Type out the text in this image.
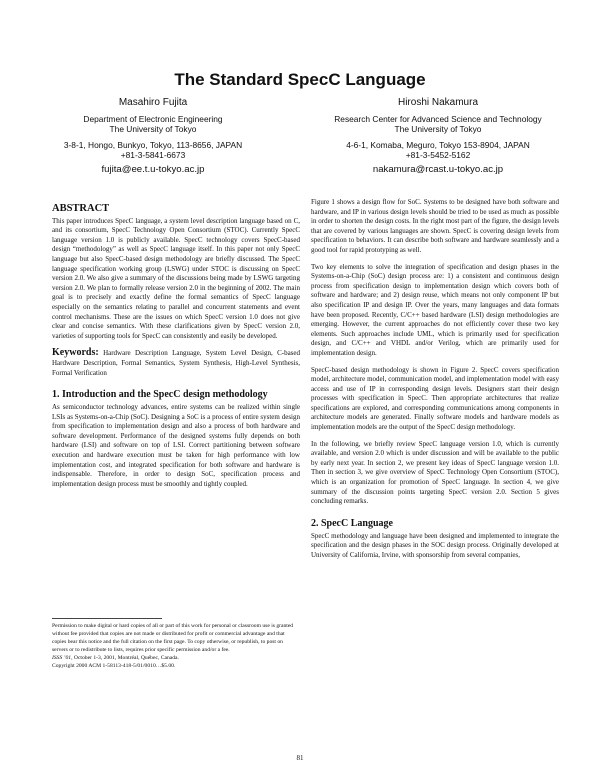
The Standard SpecC Language
Masahiro Fujita
Department of Electronic Engineering
The University of Tokyo
3-8-1, Hongo, Bunkyo, Tokyo, 113-8656, JAPAN
+81-3-5841-6673
fujita@ee.t.u-tokyo.ac.jp
Hiroshi Nakamura
Research Center for Advanced Science and Technology
The University of Tokyo
4-6-1, Komaba, Meguro, Tokyo 153-8904, JAPAN
+81-3-5452-5162
nakamura@rcast.u-tokyo.ac.jp
ABSTRACT

This paper introduces SpecC language, a system level description language based on C, and its consortium, SpecC Technology Open Consortium (STOC). Currently SpecC language version 1.0 is publicly available. SpecC technology covers SpecC-based design “methodology” as well as SpecC language itself. In this paper not only SpecC language but also SpecC-based design methodology are briefly discussed. The SpecC language specification working group (LSWG) under STOC is discussing on SpecC version 2.0. We also give a summary of the discussions being made by LSWG targeting version 2.0. We plan to formally release version 2.0 in the beginning of 2002. The main goal is to precisely and exactly define the formal semantics of SpecC language especially on the semantics relating to parallel and concurrent statements and event control mechanisms. These are the issues on which SpecC version 1.0 does not give clear and concise semantics. With these clarifications given by SpecC version 2.0, varieties of supporting tools for SpecC can consistently and easily be developed.

Keywords: Hardware Description Language, System Level Design, C-based Hardware Description, Formal Semantics, System Synthesis, High-Level Synthesis, Formal Verification

1. Introduction and the SpecC design methodology

As semiconductor technology advances, entire systems can be realized within single LSIs as Systems-on-a-Chip (SoC). Designing a SoC is a process of entire system design from specification to implementation design and also a process of both hardware and software development. Performance of the designed systems fully depends on both hardware (LSI) and software on top of LSI. Correct partitioning between software execution and hardware execution must be taken for high performance with low implementation cost, and integrated specification for both software and hardware is indispensable. Therefore, in order to design SoC, specification process and implementation design process must be smoothly and tightly coupled.

Permission to make digital or hard copies of all or part of this work for personal or classroom use is granted without fee provided that copies are not made or distributed for profit or commercial advantage and that copies bear this notice and the full citation on the first page. To copy otherwise, or republish, to post on servers or to redistribute to lists, requires prior specific permission and/or a fee.

ISSS ’01, October 1-3, 2001, Montréal, Québec, Canada.

Copyright 2000 ACM 1-58113-418-5/01/0010…$5.00.

Figure 1 shows a design flow for SoC. Systems to be designed have both software and hardware, and IP in various design levels should be tried to be used as much as possible in order to shorten the design costs. In the right most part of the figure, the design levels that are covered by various languages are shown. SpecC is covering design levels from specification to behaviors. It can describe both software and hardware seamlessly and a good tool for rapid prototyping as well.

Two key elements to solve the integration of specification and design phases in the Systems-on-a-Chip (SoC) design process are: 1) a consistent and continuous design process from specification design to implementation design which covers both of software and hardware; and 2) design reuse, which means not only component IP but also specification IP and design IP. Over the years, many languages and data formats have been proposed. Recently, C/C++ based hardware (LSI) design methodologies are emerging. However, the current approaches do not efficiently cover these two key elements. Such approaches include UML, which is primarily used for specification design, and C/C++ and VHDL and/or Verilog, which are primarily used for implementation design.

SpecC-based design methodology is shown in Figure 2. SpecC covers specification model, architecture model, communication model, and implementation model with easy access and use of IP in corresponding design levels. Designers start their design processes with specification in SpecC. Then appropriate architectures that realize specifications are explored, and corresponding communications among components in architecture models are generated. Finally software models and hardware models as implementation models are the output of the SpecC design methodology.

In the following, we briefly review SpecC language version 1.0, which is currently available, and version 2.0 which is under discussion and will be available to the public by early next year. In section 2, we present key ideas of SpecC language version 1.0. Then in section 3, we give overview of SpecC Technology Open Consortium (STOC), which is an organization for promotion of SpecC language. In section 4, we give summary of the discussion points targeting SpecC version 2.0. Section 5 gives concluding remarks.

2. SpecC Language

SpecC methodology and language have been designed and implemented to integrate the specification and the design phases in the SOC design process. Originally developed at University of California, Irvine, with sponsorship from several companies,

81
